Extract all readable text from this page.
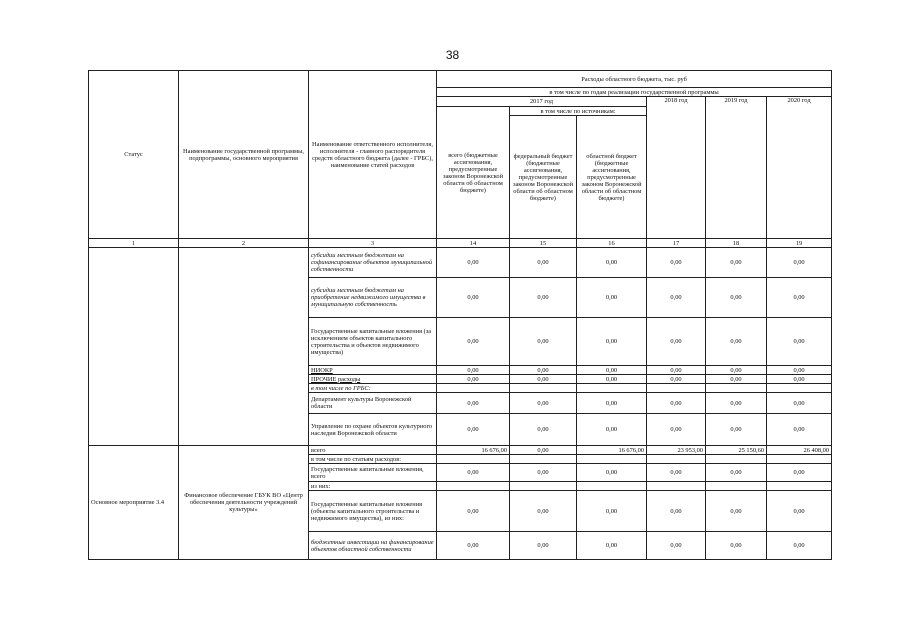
38
Статус	Наименование государственной программы, подпрограммы, основного мероприятия	Наименование ответственного исполнителя, исполнителя - главного распорядителя средств областного бюджета (далее - ГРБС), наименование статей расходов	Расходы областного бюджета, тыс. руб					
			в том числе по годам реализации государственной программы					
			2017 год			2018 год	2019 год	2020 год
			всего (бюджетные ассигнования, предусмотренные законом Воронежской области об областном бюджете)	в том числе по источникам:				
				федеральный бюджет (бюджетные ассигнования, предусмотренные законом Воронежской области об областном бюджете)	областной бюджет (бюджетные ассигнования, предусмотренные законом Воронежской области об областном бюджете)			
1	2	3	14	15	16	17	18	19
		субсидии местным бюджетам на софинансирование объектов муниципальной собственности	0,00	0,00	0,00	0,00	0,00	0,00
		субсидии местным бюджетам на приобретение недвижимого имущества в муниципальную собственность	0,00	0,00	0,00	0,00	0,00	0,00
		Государственные капитальные вложения (за исключением объектов капитального строительства и объектов недвижимого имущества)	0,00	0,00	0,00	0,00	0,00	0,00
		НИОКР	0,00	0,00	0,00	0,00	0,00	0,00
		ПРОЧИЕ расходы	0,00	0,00	0,00	0,00	0,00	0,00
		в том числе по ГРБС:						
		Департамент культуры Воронежской области	0,00	0,00	0,00	0,00	0,00	0,00
		Управление по охране объектов культурного наследия Воронежской области	0,00	0,00	0,00	0,00	0,00	0,00
Основное мероприятие 3.4	Финансовое обеспечение ГБУК ВО «Центр обеспечения деятельности учреждений культуры»	всего	16 676,00	0,00	16 676,00	23 953,00	25 150,60	26 408,00
		в том числе по статьям расходов:						
		Государственные капитальные вложения, всего	0,00	0,00	0,00	0,00	0,00	0,00
		из них:						
		Государственные капитальные вложения (объекты капитального строительства и недвижимого имущества), из них:	0,00	0,00	0,00	0,00	0,00	0,00
		бюджетные инвестиции на финансирование объектов областной собственности	0,00	0,00	0,00	0,00	0,00	0,00
